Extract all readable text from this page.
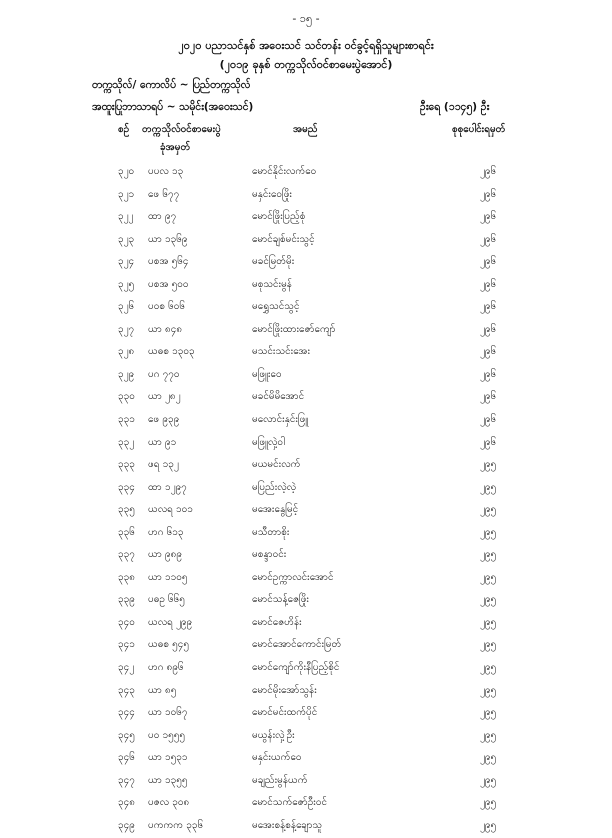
- ၁၅ -
၂၀၂၀ ပညာသင်နှစ် အဝေးသင် သင်တန်း ဝင်ခွင့်ရရှိသူများစာရင်း
(၂၀၁၉ ခုနှစ် တက္ကသိုလ်ဝင်စာမေးပွဲအောင်)
တက္ကသိုလ်/ ကောလိပ် ~ ပြည်တက္ကသိုလ်
အထူးပြုဘာသာရပ် ~ သမိုင်း(အဝေးသင်)	ဦးရေ (၁၁၄၅) ဦး
စဉ် တက္ကသိုလ်ဝင်စာမေးပွဲ
ခုံအမှတ်
အမည်	စုစုပေါင်းရမှတ်
၃၂၀ ပပလ ၁၃	မောင်နိုင်းလက်ဝေ	၂၉၆
၃၂၁ ဖေ ၆၇၇	မနှင်းဝေဖြိုး	၂၉၆
၃၂၂ ထာ ၉၇	မောင်ဖြိုးပြည့်စုံ	၂၉၆
၃၂၃ ယာ ၁၃၆၉	မောင်ချစ်မင်းသွင့်	၂၉၆
၃၂၄ ပစအ ၅၆၄	မခင်မြတ်မိုး	၂၉၆
၃၂၅ ပစအ ၅၀၀	မစုသင်းမွန်	၂၉၆
၃၂၆ ပဝစ ၆၀၆	မရွှေသင်သွင့်	၂၉၆
၃၂၇ ယာ ၈၄၈	မောင်ဖြိုးထားဇော်ကျော်	၂၉၆
၃၂၈ ယဓစ ၁၃၀၃	မသင်းသင်းအေး	၂၉၆
၃၂၉ ပဂ ၇၇၀	မဖြူးဝေ	၂၉၆
၃၃၀ ယာ ၂၈၂	မခင်မိမိအောင်	၂၉၆
၃၃၁ ဖေ ၉၃၉	မလောင်းနှင်းဖြူ	၂၉၆
၃၃၂ ယာ ၉၁	မဖြူလှဲ့ဝါ	၂၉၆
၃၃၃ ဖရ ၁၃၂	မယမင်းလက်	၂၉၅
၃၃၄ ထာ ၁၂၉၇	မပြည်းလဲ့လဲ့	၂၉၅
၃၃၅ ယလရ ၁၀၁	မအေးနွေမြင့်	၂၉၅
၃၃၆ ဟဂ ၆၁၃	မသီတာစိုး	၂၉၅
၃၃၇ ယာ ၉၈၉	မစန္ဒာဝင်း	၂၉၅
၃၃၈ ယာ ၁၁၀၅	မောင်ဥက္ကာလင်းအောင်	၂၉၅
၃၃၉ ပဓဥ ၆၆၅	မောင်သန့်ဇေဖြိုး	၂၉၅
၃၄၀ ယလရ ၂၉၉	မောင်ဇေဟိန်း	၂၉၅
၃၄၁ ယဓစ ၅၄၅	မောင်အောင်ကောင်းမြတ်	၂၉၅
၃၄၂ ဟဂ ၈၉၆	မောင်ကျော်ကိုးနီပြည့်စိုင်	၂၉၅
၃၄၃ ယာ ၈၅	မောင်မိုးအော်သွန်း	၂၉၅
၃၄၄ ယာ ၁၀၆၇	မောင်မင်းထက်ပိုင်	၂၉၅
၃၄၅ ပဝ ၁၅၅၅	မယွန်းလှဲ့ဦး	၂၉၅
၃၄၆ ယာ ၁၅၃၁	မနှင်းယက်ဝေ	၂၉၅
၃၄၇ ယာ ၁၃၅၅	မချည်းမွန်ယက်	၂၉၅
၃၄၈ ပဇလ ၃၀၈	မောင်သက်ဇော်ဦးဝင်	၂၉၅
၃၄၉ ပကကက ၃၃၆	မအေးစန့်စန့်ချောသူ	၂၉၅
